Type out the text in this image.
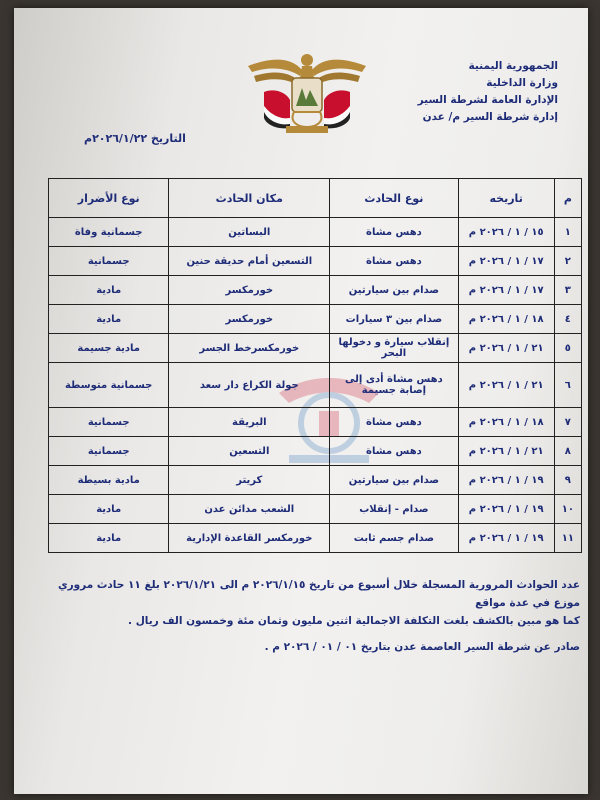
الجمهورية اليمنية
وزارة الداخلية
الإدارة العامة لشرطة السير
إدارة شرطة السير م/ عدن
التاريخ ٢٠٢٦/١/٢٢م
م	تاريخه	نوع الحادث	مكان الحادث	نوع الأضرار
١	١٥ / ١ / ٢٠٢٦ م	دهس مشاة	البساتين	جسمانية وفاة
٢	١٧ / ١ / ٢٠٢٦ م	دهس مشاة	التسعين أمام حديقة حنين	جسمانية
٣	١٧ / ١ / ٢٠٢٦ م	صدام بين سيارتين	خورمكسر	مادية
٤	١٨ / ١ / ٢٠٢٦ م	صدام بين ٣ سيارات	خورمكسر	مادية
٥	٢١ / ١ / ٢٠٢٦ م	إنقلاب سيارة و دخولها البحر	خورمكسرخط الجسر	مادية جسيمة
٦	٢١ / ١ / ٢٠٢٦ م	دهس مشاة أدى إلى إصابة جسيمة	جولة الكراع دار سعد	جسمانية متوسطة
٧	١٨ / ١ / ٢٠٢٦ م	دهس مشاة	البريقة	جسمانية
٨	٢١ / ١ / ٢٠٢٦ م	دهس مشاة	التسعين	جسمانية
٩	١٩ / ١ / ٢٠٢٦ م	صدام بين سيارتين	كريتر	مادية بسيطة
١٠	١٩ / ١ / ٢٠٢٦ م	صدام - إنقلاب	الشعب مدائن عدن	مادية
١١	١٩ / ١ / ٢٠٢٦ م	صدام جسم ثابت	خورمكسر القاعدة الإدارية	مادية

عدد الحوادث المرورية المسجلة خلال أسبوع من تاريخ ٢٠٢٦/١/١٥ م الى ٢٠٢٦/١/٢١ بلغ ١١ حادث مروري موزع في عدة مواقع

كما هو مبين بالكشف بلغت التكلفة الاجمالية اثنين مليون وثمان مئة وخمسون الف ريال .

صادر عن شرطة السير العاصمة عدن بتاريخ ٠١ / ٠١ / ٢٠٢٦ م .
